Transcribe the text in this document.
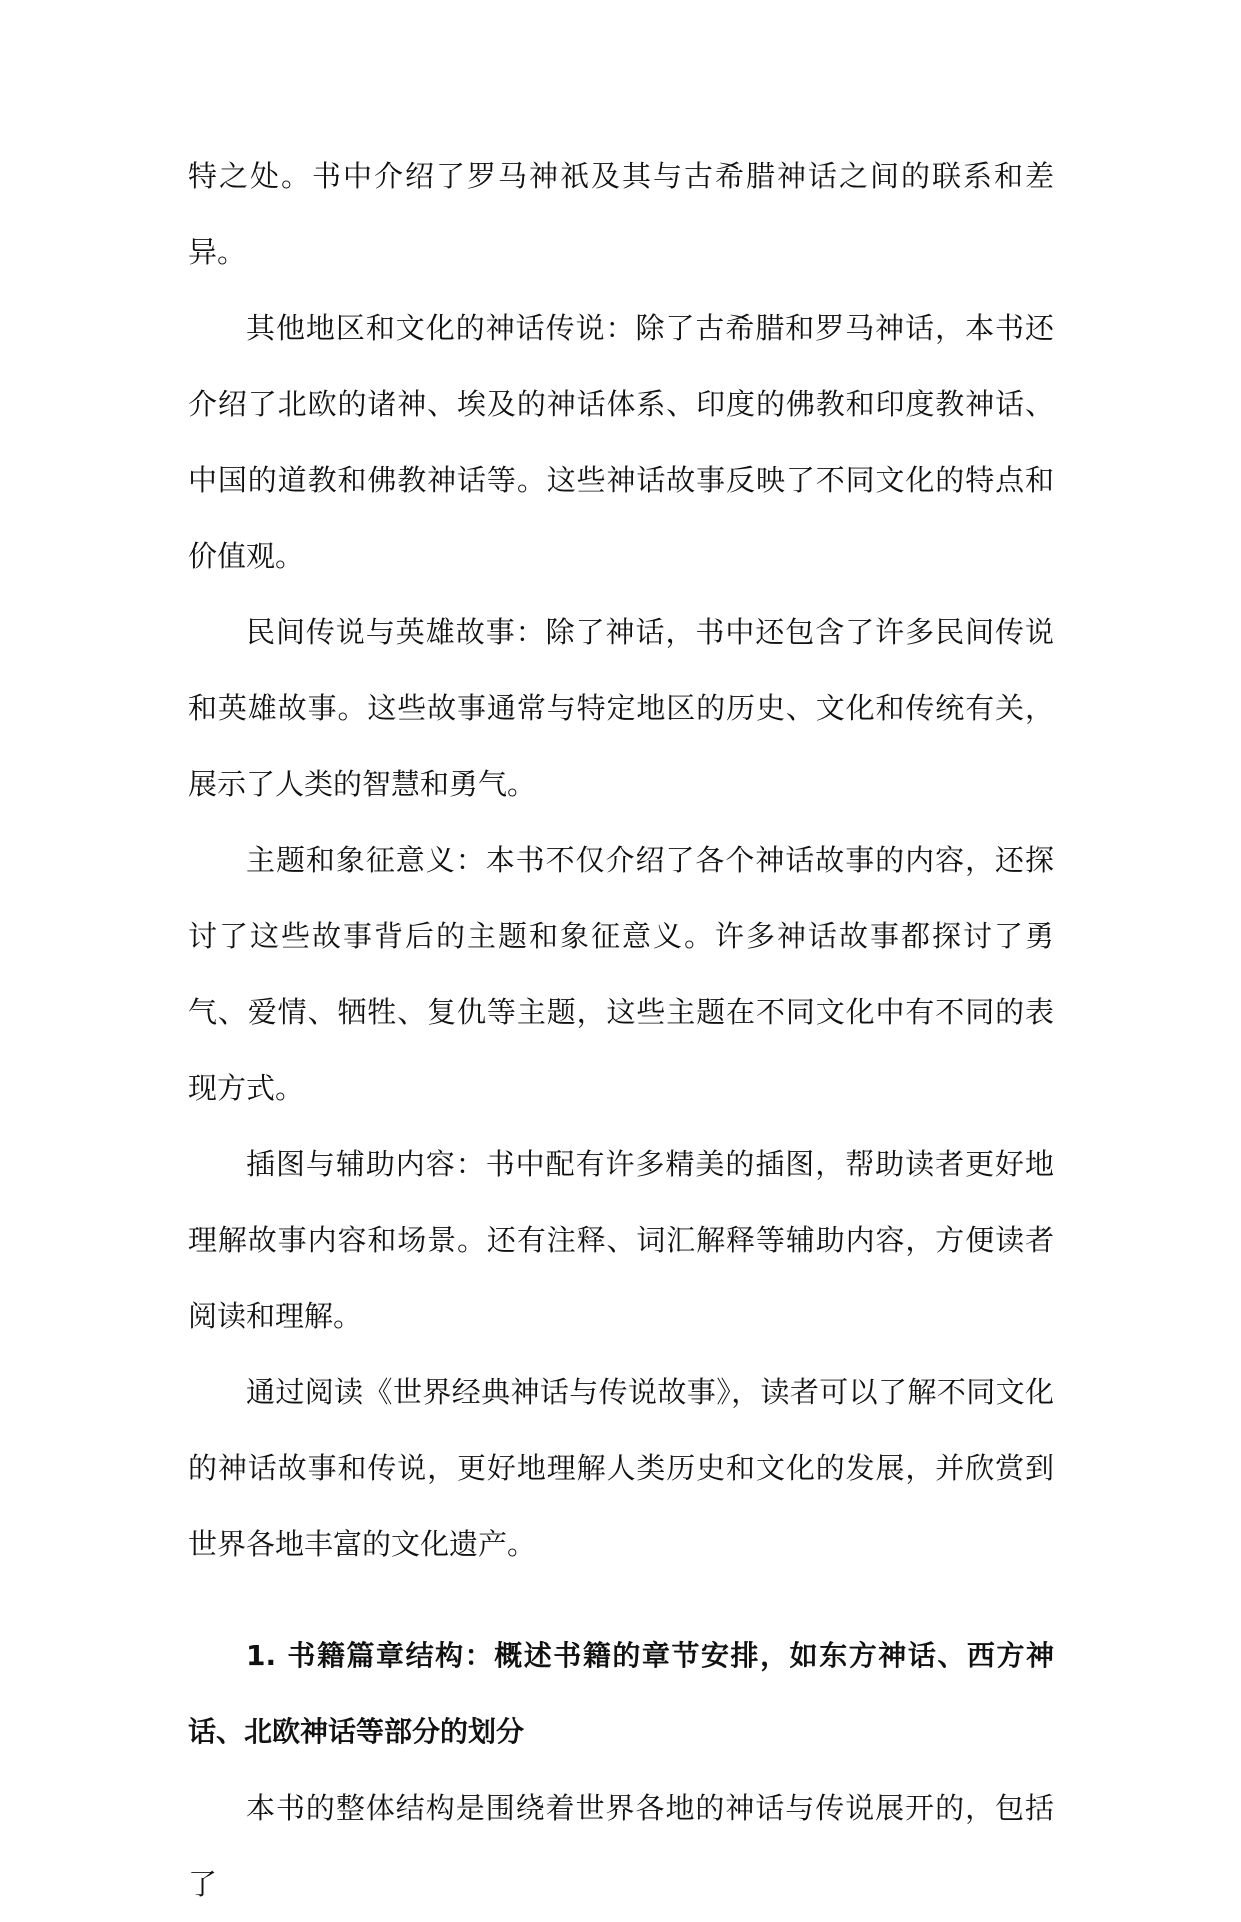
特之处。书中介绍了罗马神祇及其与古希腊神话之间的联系和差异。

其他地区和文化的神话传说：除了古希腊和罗马神话，本书还介绍了北欧的诸神、埃及的神话体系、印度的佛教和印度教神话、中国的道教和佛教神话等。这些神话故事反映了不同文化的特点和价值观。

民间传说与英雄故事：除了神话，书中还包含了许多民间传说和英雄故事。这些故事通常与特定地区的历史、文化和传统有关，展示了人类的智慧和勇气。

主题和象征意义：本书不仅介绍了各个神话故事的内容，还探讨了这些故事背后的主题和象征意义。许多神话故事都探讨了勇气、爱情、牺牲、复仇等主题，这些主题在不同文化中有不同的表现方式。

插图与辅助内容：书中配有许多精美的插图，帮助读者更好地理解故事内容和场景。还有注释、词汇解释等辅助内容，方便读者阅读和理解。

通过阅读《世界经典神话与传说故事》，读者可以了解不同文化的神话故事和传说，更好地理解人类历史和文化的发展，并欣赏到世界各地丰富的文化遗产。

1. 书籍篇章结构：概述书籍的章节安排，如东方神话、西方神话、北欧神话等部分的划分

本书的整体结构是围绕着世界各地的神话与传说展开的，包括了
